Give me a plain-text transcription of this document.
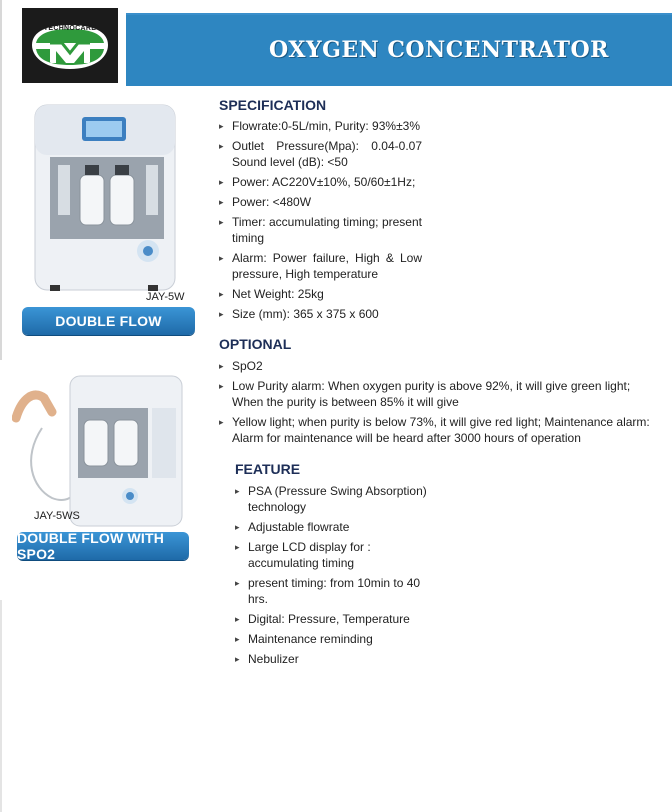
TECHNOCARE
OXYGEN CONCENTRATOR
JAY-5W
DOUBLE FLOW
JAY-5WS
DOUBLE FLOW WITH SPO2
SPECIFICATION
▸ Flowrate:0-5L/min, Purity: 93%±3%
▸ Outlet Pressure(Mpa): 0.04-0.07 Sound level (dB): <50
▸ Power: AC220V±10%, 50/60±1Hz;
▸ Power: <480W
▸ Timer: accumulating timing; present timing
▸ Alarm: Power failure, High & Low pressure, High temperature
▸ Net Weight: 25kg
▸ Size (mm): 365 x 375 x 600
OPTIONAL
▸ SpO2
▸ Low Purity alarm: When oxygen purity is above 92%, it will give green light; When the purity is between 85% it will give
▸ Yellow light; when purity is below 73%, it will give red light; Maintenance alarm: Alarm for maintenance will be heard after 3000 hours of operation
FEATURE
▸ PSA (Pressure Swing Absorption) technology
▸ Adjustable flowrate
▸ Large LCD display for : accumulating timing
▸ present timing: from 10min to 40 hrs.
▸ Digital: Pressure, Temperature
▸ Maintenance reminding
▸ Nebulizer
